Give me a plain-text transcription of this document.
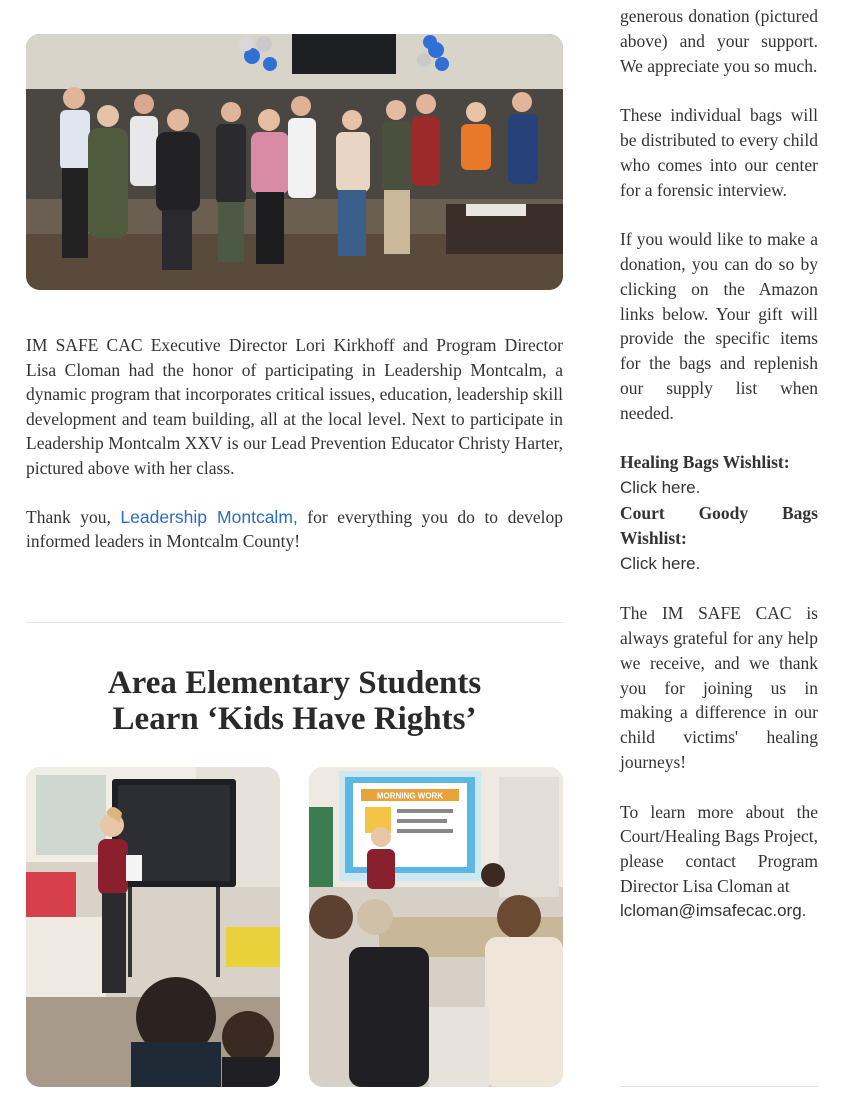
IM SAFE CAC Executive Director Lori Kirkhoff and Program Director Lisa Cloman had the honor of participating in Leadership Montcalm, a dynamic program that incorporates critical issues, education, leadership skill development and team building, all at the local level. Next to participate in Leadership Montcalm XXV is our Lead Prevention Educator Christy Harter, pictured above with her class.

Thank you, Leadership Montcalm, for everything you do to develop informed leaders in Montcalm County!

Area Elementary Students
Learn ‘Kids Have Rights’
MORNING WORK

generous donation (pictured above) and your support. We appreciate you so much.

These individual bags will be distributed to every child who comes into our center for a forensic interview.

If you would like to make a donation, you can do so by clicking on the Amazon links below. Your gift will provide the specific items for the bags and replenish our supply list when needed.

Healing Bags Wishlist:
Click here.
Court Goody Bags Wishlist:
Click here.

The IM SAFE CAC is always grateful for any help we receive, and we thank you for joining us in making a difference in our child victims' healing journeys!

To learn more about the Court/Healing Bags Project, please contact Program Director Lisa Cloman at
lcloman@imsafecac.org.
